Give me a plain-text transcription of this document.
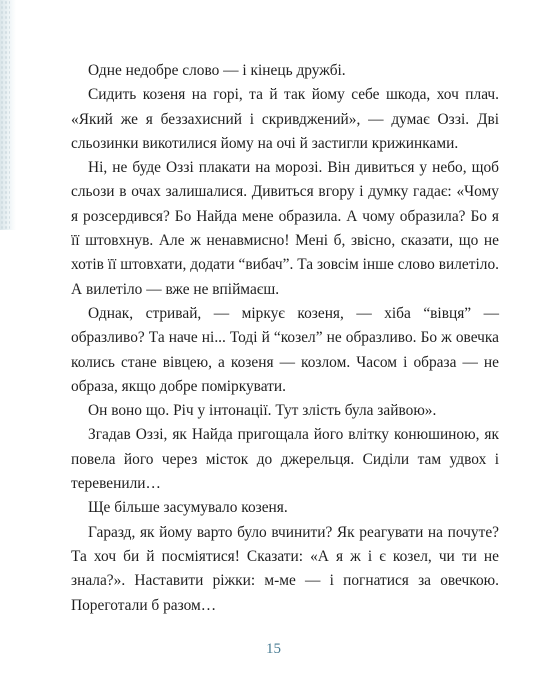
Одне недобре слово — і кінець дружбі.

Сидить козеня на горі, та й так йому себе шкода, хоч плач. «Який же я беззахисний і скривджений», — думає Оззі. Дві сльозинки викотилися йому на очі й застигли крижинками.

Ні, не буде Оззі плакати на морозі. Він дивиться у небо, щоб сльози в очах залишалися. Дивиться вгору і думку гадає: «Чому я розсердився? Бо Найда мене образила. А чому образила? Бо я її штовхнув. Але ж ненавмисно! Мені б, звісно, сказати, що не хотів її штовхати, додати “вибач”. Та зовсім інше слово вилетіло. А вилетіло — вже не впіймаєш.

Однак, стривай, — міркує козеня, — хіба “вівця” — образливо? Та наче ні... Тоді й “козел” не образливо. Бо ж овечка колись стане вівцею, а козеня — козлом. Часом і образа — не образа, якщо добре поміркувати.

Он воно що. Річ у інтонації. Тут злість була зайвою».

Згадав Оззі, як Найда пригощала його влітку конюшиною, як повела його через місток до джерельця. Сиділи там удвох і теревенили…

Ще більше засумувало козеня.

Гаразд, як йому варто було вчинити? Як реагувати на почуте? Та хоч би й посміятися! Сказати: «А я ж і є козел, чи ти не знала?». Наставити ріжки: м-ме — і погнатися за овечкою. Пореготали б разом…

15
